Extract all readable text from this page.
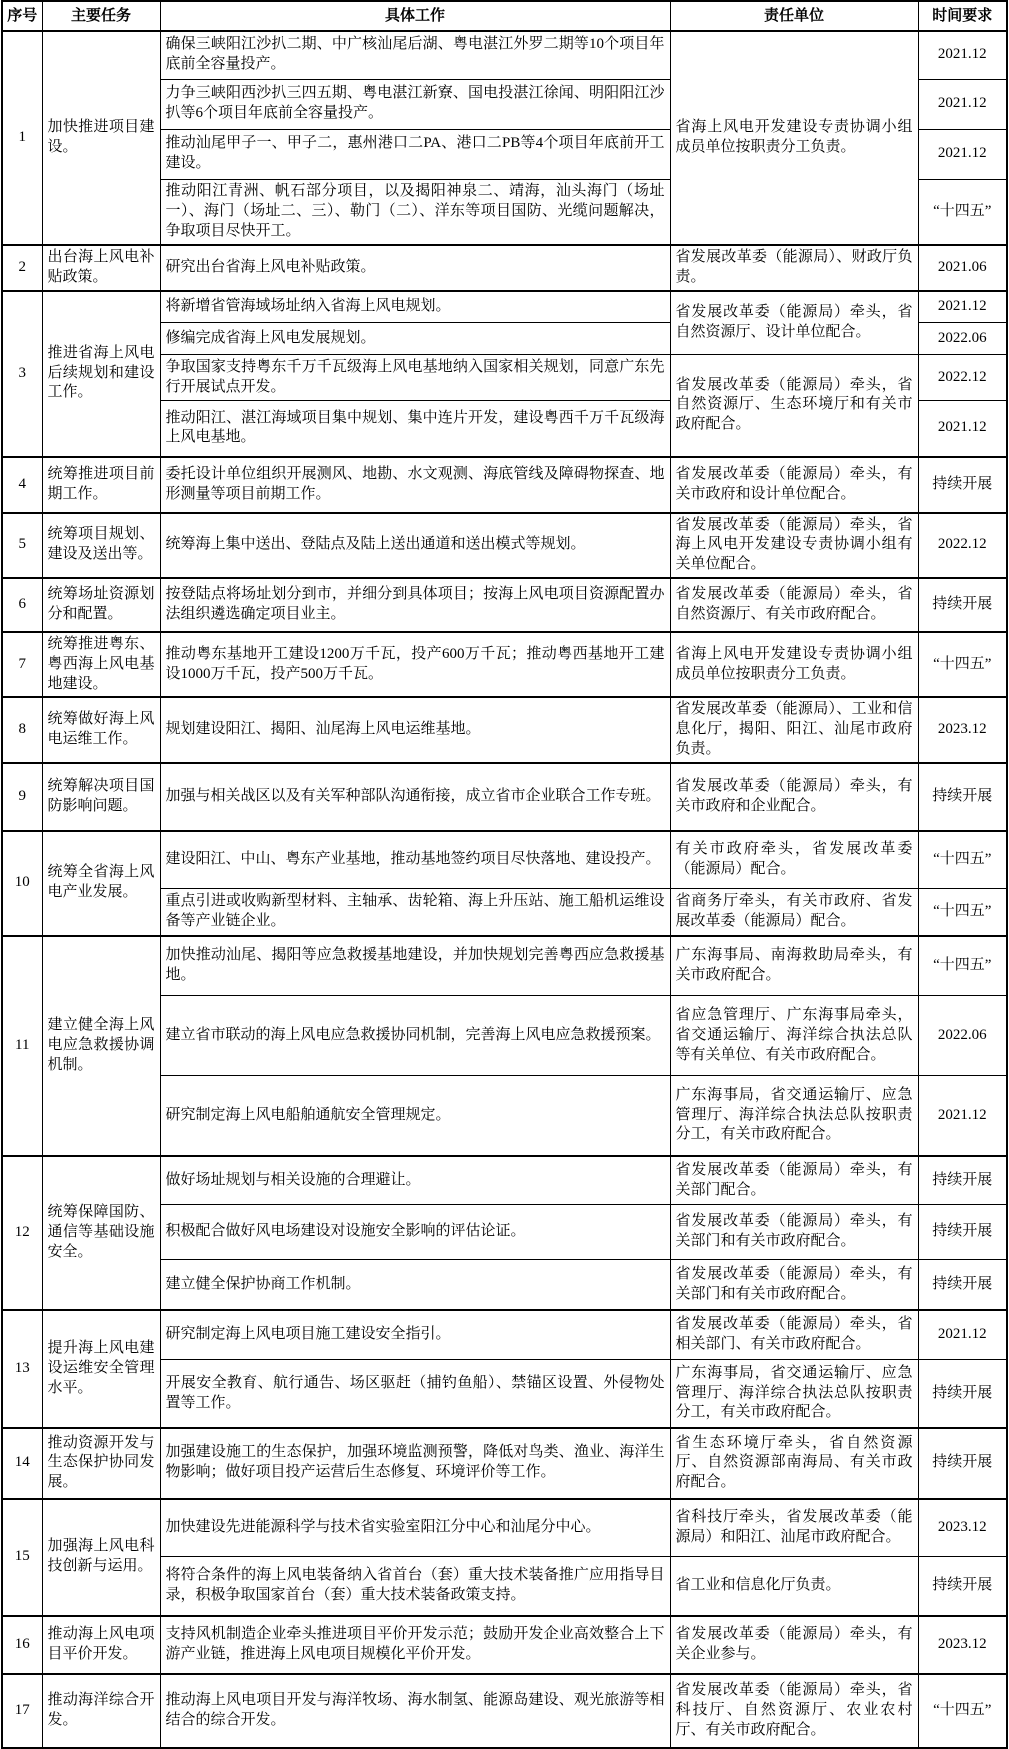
序号	主要任务	具体工作	责任单位	时间要求
1	加快推进项目建设。	确保三峡阳江沙扒二期、中广核汕尾后湖、粤电湛江外罗二期等10个项目年底前全容量投产。	省海上风电开发建设专责协调小组成员单位按职责分工负责。	2021.12
		力争三峡阳西沙扒三四五期、粤电湛江新寮、国电投湛江徐闻、明阳阳江沙扒等6个项目年底前全容量投产。		2021.12
		推动汕尾甲子一、甲子二，惠州港口二PA、港口二PB等4个项目年底前开工建设。		2021.12
		推动阳江青洲、帆石部分项目，以及揭阳神泉二、靖海，汕头海门（场址一）、海门（场址二、三）、勒门（二）、洋东等项目国防、光缆问题解决，争取项目尽快开工。		“十四五”
2	出台海上风电补贴政策。	研究出台省海上风电补贴政策。	省发展改革委（能源局）、财政厅负责。	2021.06
3	推进省海上风电后续规划和建设工作。	将新增省管海域场址纳入省海上风电规划。	省发展改革委（能源局）牵头，省自然资源厅、设计单位配合。	2021.12
		修编完成省海上风电发展规划。		2022.06
		争取国家支持粤东千万千瓦级海上风电基地纳入国家相关规划，同意广东先行开展试点开发。	省发展改革委（能源局）牵头，省自然资源厅、生态环境厅和有关市政府配合。	2022.12
		推动阳江、湛江海域项目集中规划、集中连片开发，建设粤西千万千瓦级海上风电基地。		2021.12
4	统筹推进项目前期工作。	委托设计单位组织开展测风、地勘、水文观测、海底管线及障碍物探查、地形测量等项目前期工作。	省发展改革委（能源局）牵头，有关市政府和设计单位配合。	持续开展
5	统筹项目规划、建设及送出等。	统筹海上集中送出、登陆点及陆上送出通道和送出模式等规划。	省发展改革委（能源局）牵头，省海上风电开发建设专责协调小组有关单位配合。	2022.12
6	统筹场址资源划分和配置。	按登陆点将场址划分到市，并细分到具体项目；按海上风电项目资源配置办法组织遴选确定项目业主。	省发展改革委（能源局）牵头，省自然资源厅、有关市政府配合。	持续开展
7	统筹推进粤东、粤西海上风电基地建设。	推动粤东基地开工建设1200万千瓦，投产600万千瓦；推动粤西基地开工建设1000万千瓦，投产500万千瓦。	省海上风电开发建设专责协调小组成员单位按职责分工负责。	“十四五”
8	统筹做好海上风电运维工作。	规划建设阳江、揭阳、汕尾海上风电运维基地。	省发展改革委（能源局）、工业和信息化厅，揭阳、阳江、汕尾市政府负责。	2023.12
9	统筹解决项目国防影响问题。	加强与相关战区以及有关军种部队沟通衔接，成立省市企业联合工作专班。	省发展改革委（能源局）牵头，有关市政府和企业配合。	持续开展
10	统筹全省海上风电产业发展。	建设阳江、中山、粤东产业基地，推动基地签约项目尽快落地、建设投产。	有关市政府牵头，省发展改革委（能源局）配合。	“十四五”
		重点引进或收购新型材料、主轴承、齿轮箱、海上升压站、施工船机运维设备等产业链企业。	省商务厅牵头，有关市政府、省发展改革委（能源局）配合。	“十四五”
11	建立健全海上风电应急救援协调机制。	加快推动汕尾、揭阳等应急救援基地建设，并加快规划完善粤西应急救援基地。	广东海事局、南海救助局牵头，有关市政府配合。	“十四五”
		建立省市联动的海上风电应急救援协同机制，完善海上风电应急救援预案。	省应急管理厅、广东海事局牵头，省交通运输厅、海洋综合执法总队等有关单位、有关市政府配合。	2022.06
		研究制定海上风电船舶通航安全管理规定。	广东海事局，省交通运输厅、应急管理厅、海洋综合执法总队按职责分工，有关市政府配合。	2021.12
12	统筹保障国防、通信等基础设施安全。	做好场址规划与相关设施的合理避让。	省发展改革委（能源局）牵头，有关部门配合。	持续开展
		积极配合做好风电场建设对设施安全影响的评估论证。	省发展改革委（能源局）牵头，有关部门和有关市政府配合。	持续开展
		建立健全保护协商工作机制。	省发展改革委（能源局）牵头，有关部门和有关市政府配合。	持续开展
13	提升海上风电建设运维安全管理水平。	研究制定海上风电项目施工建设安全指引。	省发展改革委（能源局）牵头，省相关部门、有关市政府配合。	2021.12
		开展安全教育、航行通告、场区驱赶（捕钓鱼船）、禁锚区设置、外侵物处置等工作。	广东海事局，省交通运输厅、应急管理厅、海洋综合执法总队按职责分工，有关市政府配合。	持续开展
14	推动资源开发与生态保护协同发展。	加强建设施工的生态保护，加强环境监测预警，降低对鸟类、渔业、海洋生物影响；做好项目投产运营后生态修复、环境评价等工作。	省生态环境厅牵头，省自然资源厅、自然资源部南海局、有关市政府配合。	持续开展
15	加强海上风电科技创新与运用。	加快建设先进能源科学与技术省实验室阳江分中心和汕尾分中心。	省科技厅牵头，省发展改革委（能源局）和阳江、汕尾市政府配合。	2023.12
		将符合条件的海上风电装备纳入省首台（套）重大技术装备推广应用指导目录，积极争取国家首台（套）重大技术装备政策支持。	省工业和信息化厅负责。	持续开展
16	推动海上风电项目平价开发。	支持风机制造企业牵头推进项目平价开发示范；鼓励开发企业高效整合上下游产业链，推进海上风电项目规模化平价开发。	省发展改革委（能源局）牵头，有关企业参与。	2023.12
17	推动海洋综合开发。	推动海上风电项目开发与海洋牧场、海水制氢、能源岛建设、观光旅游等相结合的综合开发。	省发展改革委（能源局）牵头，省科技厅、自然资源厅、农业农村厅、有关市政府配合。	“十四五”
